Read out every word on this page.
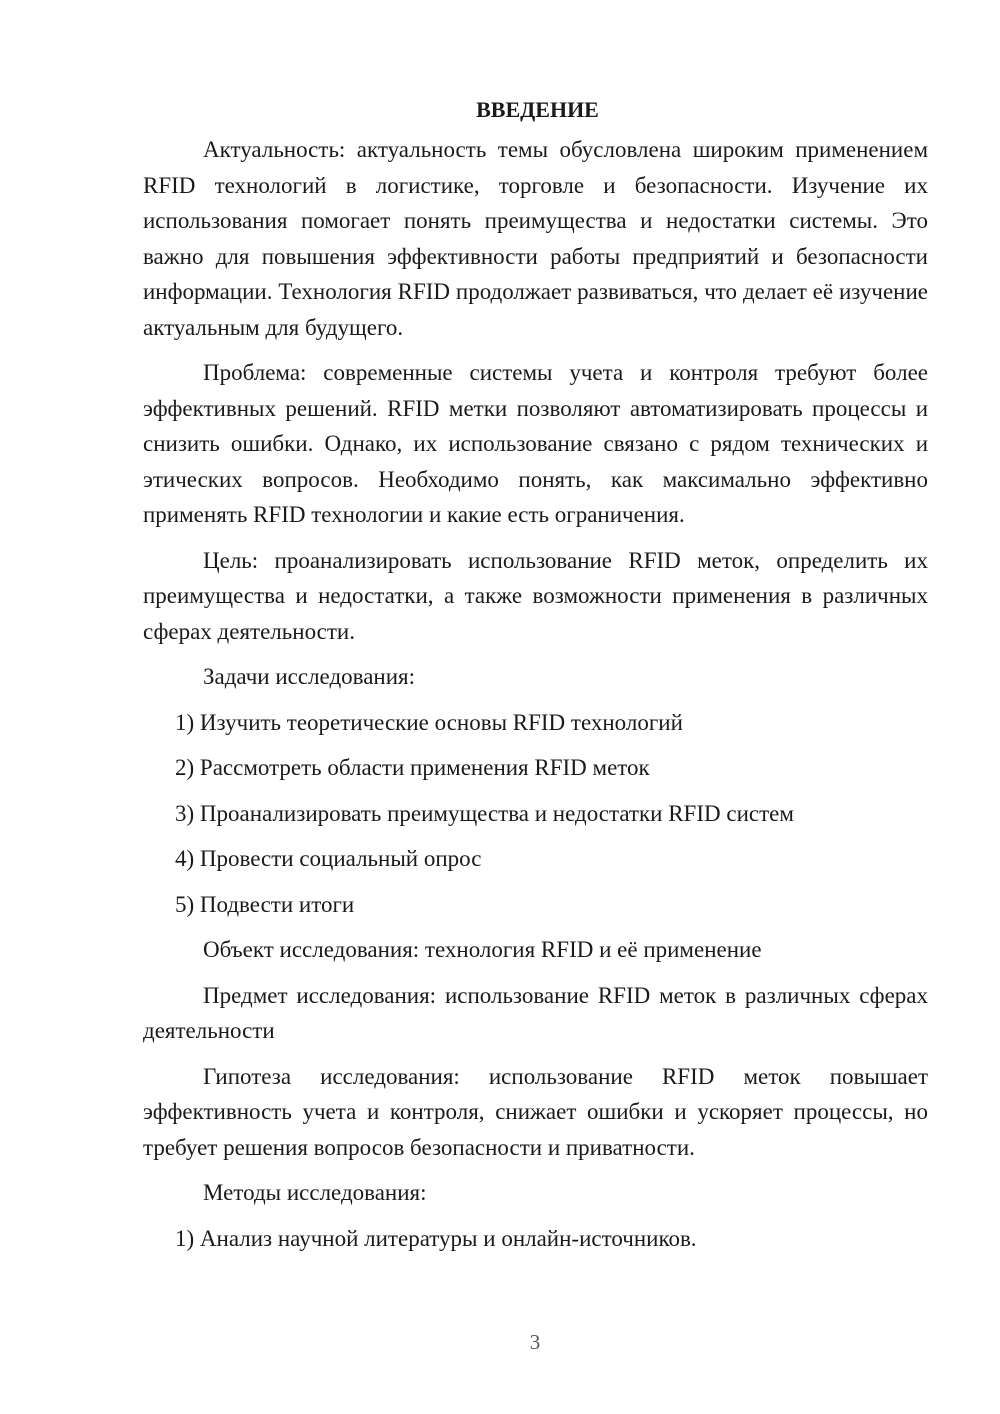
ВВЕДЕНИЕ

Актуальность: актуальность темы обусловлена широким применением RFID технологий в логистике, торговле и безопасности. Изучение их использования помогает понять преимущества и недостатки системы. Это важно для повышения эффективности работы предприятий и безопасности информации. Технология RFID продолжает развиваться, что делает её изучение актуальным для будущего.

Проблема: современные системы учета и контроля требуют более эффективных решений. RFID метки позволяют автоматизировать процессы и снизить ошибки. Однако, их использование связано с рядом технических и этических вопросов. Необходимо понять, как максимально эффективно применять RFID технологии и какие есть ограничения.

Цель: проанализировать использование RFID меток, определить их преимущества и недостатки, а также возможности применения в различных сферах деятельности.

Задачи исследования:

1) Изучить теоретические основы RFID технологий
2) Рассмотреть области применения RFID меток
3) Проанализировать преимущества и недостатки RFID систем
4) Провести социальный опрос
5) Подвести итоги

Объект исследования: технология RFID и её применение

Предмет исследования: использование RFID меток в различных сферах деятельности

Гипотеза исследования: использование RFID меток повышает эффективность учета и контроля, снижает ошибки и ускоряет процессы, но требует решения вопросов безопасности и приватности.

Методы исследования:

1) Анализ научной литературы и онлайн-источников.
3
